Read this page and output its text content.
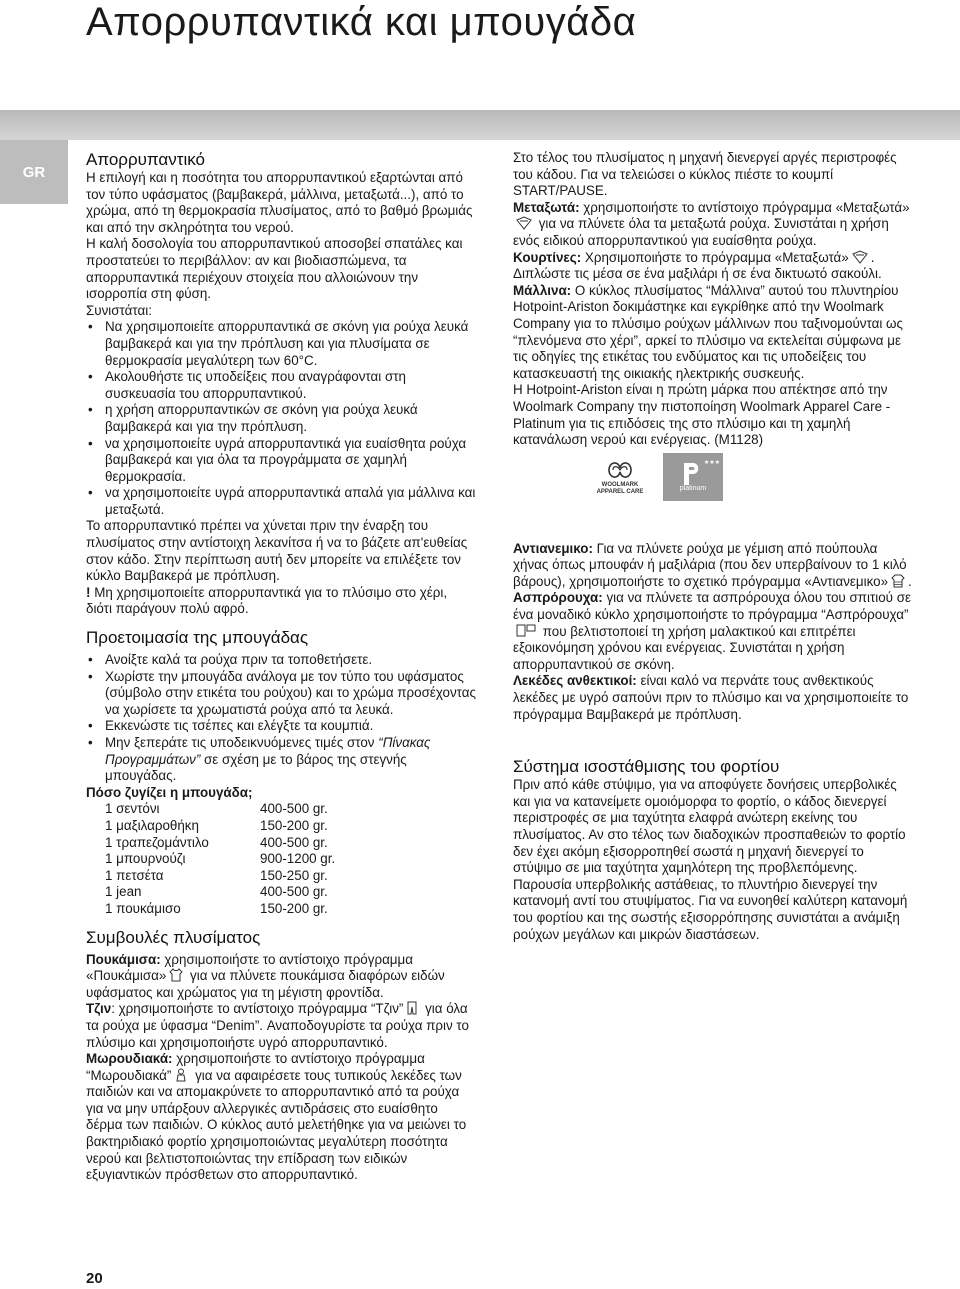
Απορρυπαντικά και μπουγάδα
GR
Απορρυπαντικό

Η επιλογή και η ποσότητα του απορρυπαντικού εξαρτώνται από τον τύπο υφάσματος (βαμβακερά, μάλλινα, μεταξωτά...), από το χρώμα, από τη θερμοκρασία πλυσίματος, από το βαθμό βρωμιάς και από την σκληρότητα του νερού.

Η καλή δοσολογία του απορρυπαντικού αποσοβεί σπατάλες και προστατεύει το περιβάλλον: αν και βιοδιασπώμενα, τα απορρυπαντικά περιέχουν στοιχεία που αλλοιώνουν την ισορροπία στη φύση.

Συνιστάται:

• Να χρησιμοποιείτε απορρυπαντικά σε σκόνη για ρούχα λευκά βαμβακερά και για την πρόπλυση και για πλυσίματα σε θερμοκρασία μεγαλύτερη των 60°C.
• Ακολουθήστε τις υποδείξεις που αναγράφονται στη συσκευασία του απορρυπαντικού.
• η χρήση απορρυπαντικών σε σκόνη για ρούχα λευκά βαμβακερά και για την πρόπλυση.
• να χρησιμοποιείτε υγρά απορρυπαντικά για ευαίσθητα ρούχα βαμβακερά και για όλα τα προγράμματα σε χαμηλή θερμοκρασία.
• να χρησιμοποιείτε υγρά απορρυπαντικά απαλά για μάλλινα και μεταξωτά.

Το απορρυπαντικό πρέπει να χύνεται πριν την έναρξη του πλυσίματος στην αντίστοιχη λεκανίτσα ή να το βάζετε απ'ευθείας στον κάδο. Στην περίπτωση αυτή δεν μπορείτε να επιλέξετε τον κύκλο Βαμβακερά με πρόπλυση.

! Μη χρησιμοποιείτε απορρυπαντικά για το πλύσιμο στο χέρι, διότι παράγουν πολύ αφρό.

Προετοιμασία της μπουγάδας
• Ανοίξτε καλά τα ρούχα πριν τα τοποθετήσετε.
• Χωρίστε την μπουγάδα ανάλογα με τον τύπο του υφάσματος (σύμβολο στην ετικέτα του ρούχου) και το χρώμα προσέχοντας να χωρίσετε τα χρωματιστά ρούχα από τα λευκά.
• Εκκενώστε τις τσέπες και ελέγξτε τα κουμπιά.
• Μην ξεπεράτε τις υποδεικνυόμενες τιμές στον “Πίνακας Προγραμμάτων” σε σχέση με το βάρος της στεγνής μπουγάδας.

Πόσο ζυγίζει η μπουγάδα;

1 σεντόνι	400-500 gr.
1 μαξιλαροθήκη	150-200 gr.
1 τραπεζομάντιλο	400-500 gr.
1 μπουρνούζι	900-1200 gr.
1 πετσέτα	150-250 gr.
1 jean	400-500 gr.
1 πουκάμισο	150-200 gr.
Συμβουλές πλυσίματος

Πουκάμισα: χρησιμοποιήστε το αντίστοιχο πρόγραμμα «Πουκάμισα» για να πλύνετε πουκάμισα διαφόρων ειδών υφάσματος και χρώματος για τη μέγιστη φροντίδα.

Τζιν: χρησιμοποιήστε το αντίστοιχο πρόγραμμα “Τζιν” για όλα τα ρούχα με ύφασμα “Denim”. Αναποδογυρίστε τα ρούχα πριν το πλύσιμο και χρησιμοποιήστε υγρό απορρυπαντικό.

Μωρουδιακά: χρησιμοποιήστε το αντίστοιχο πρόγραμμα “Μωρουδιακά” για να αφαιρέσετε τους τυπικούς λεκέδες των παιδιών και να απομακρύνετε το απορρυπαντικό από τα ρούχα για να μην υπάρξουν αλλεργικές αντιδράσεις στο ευαίσθητο δέρμα των παιδιών. Ο κύκλος αυτό μελετήθηκε για να μειώνει το βακτηριδιακό φορτίο χρησιμοποιώντας μεγαλύτερη ποσότητα νερού και βελτιστοποιώντας την επίδραση των ειδικών εξυγιαντικών πρόσθετων στο απορρυπαντικό.

Στο τέλος του πλυσίματος η μηχανή διενεργεί αργές περιστροφές του κάδου. Για να τελειώσει ο κύκλος πιέστε το κουμπί START/PAUSE.

Μεταξωτά: χρησιμοποιήστε το αντίστοιχο πρόγραμμα «Μεταξωτά» για να πλύνετε όλα τα μεταξωτά ρούχα. Συνιστάται η χρήση ενός ειδικού απορρυπαντικού για ευαίσθητα ρούχα.

Κουρτίνες: Χρησιμοποιήστε το πρόγραμμα «Μεταξωτά» . Διπλώστε τις μέσα σε ένα μαξιλάρι ή σε ένα δικτυωτό σακούλι.

Μάλλινα: Ο κύκλος πλυσίματος “Μάλλινα” αυτού του πλυντηρίου Hotpoint-Ariston δοκιμάστηκε και εγκρίθηκε από την Woolmark Company για το πλύσιμο ρούχων μάλλινων που ταξινομούνται ως “πλενόμενα στο χέρι”, αρκεί το πλύσιμο να εκτελείται σύμφωνα με τις οδηγίες της ετικέτας του ενδύματος και τις υποδείξεις του κατασκευαστή της οικιακής ηλεκτρικής συσκευής.

Η Hotpoint-Ariston είναι η πρώτη μάρκα που απέκτησε από την Woolmark Company την πιστοποίηση Woolmark Apparel Care - Platinum για τις επιδόσεις της στο πλύσιμο και τη χαμηλή κατανάλωση νερού και ενέργειας. (M1128)

WOOLMARK
APPAREL CARE
★★★
platinum

Αντιανεμικο: Για να πλύνετε ρούχα με γέμιση από πούπουλα χήνας όπως μπουφάν ή μαξιλάρια (που δεν υπερβαίνουν το 1 κιλό βάρους), χρησιμοποιήστε το σχετικό πρόγραμμα «Αντιανεμικο» .

Ασπρόρουχα: για να πλύνετε τα ασπρόρουχα όλου του σπιτιού σε ένα μοναδικό κύκλο χρησιμοποιήστε το πρόγραμμα “Ασπρόρουχα” που βελτιστοποιεί τη χρήση μαλακτικού και επιτρέπει εξοικονόμηση χρόνου και ενέργειας. Συνιστάται η χρήση απορρυπαντικού σε σκόνη.

Λεκέδες ανθεκτικοί: είναι καλό να περνάτε τους ανθεκτικούς λεκέδες με υγρό σαπούνι πριν το πλύσιμο και να χρησιμοποιείτε το πρόγραμμα Βαμβακερά με πρόπλυση.

Σύστημα ισοστάθμισης του φορτίου

Πριν από κάθε στύψιμο, για να αποφύγετε δονήσεις υπερβολικές και για να κατανείμετε ομοιόμορφα το φορτίο, ο κάδος διενεργεί περιστροφές σε μια ταχύτητα ελαφρά ανώτερη εκείνης του πλυσίματος. Αν στο τέλος των διαδοχικών προσπαθειών το φορτίο δεν έχει ακόμη εξισορροπηθεί σωστά η μηχανή διενεργεί το στύψιμο σε μια ταχύτητα χαμηλότερη της προβλεπόμενης. Παρουσία υπερβολικής αστάθειας, το πλυντήριο διενεργεί την κατανομή αντί του στυψίματος. Για να ευνοηθεί καλύτερη κατανομή του φορτίου και της σωστής εξισορρόπησης συνιστάται a ανάμιξη ρούχων μεγάλων και μικρών διαστάσεων.

20
